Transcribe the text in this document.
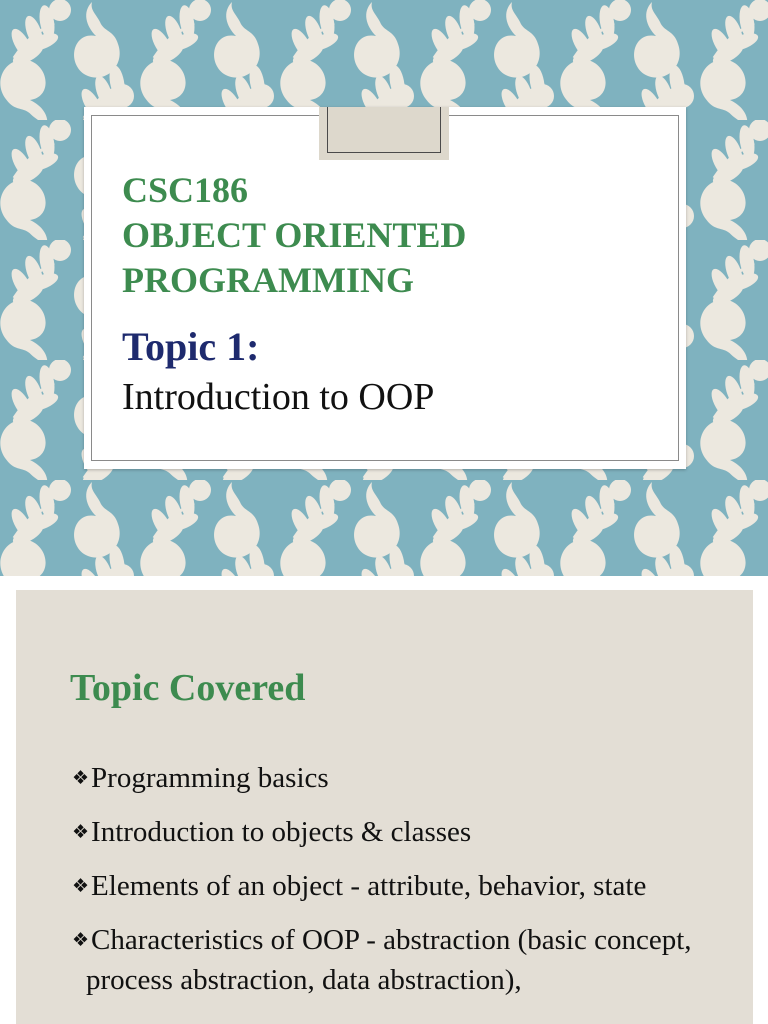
CSC186
OBJECT ORIENTED
PROGRAMMING
Topic 1:
Introduction to OOP
Topic Covered
❖Programming basics
❖Introduction to objects & classes
❖Elements of an object - attribute, behavior, state
❖Characteristics of OOP - abstraction (basic concept, process abstraction, data abstraction),
